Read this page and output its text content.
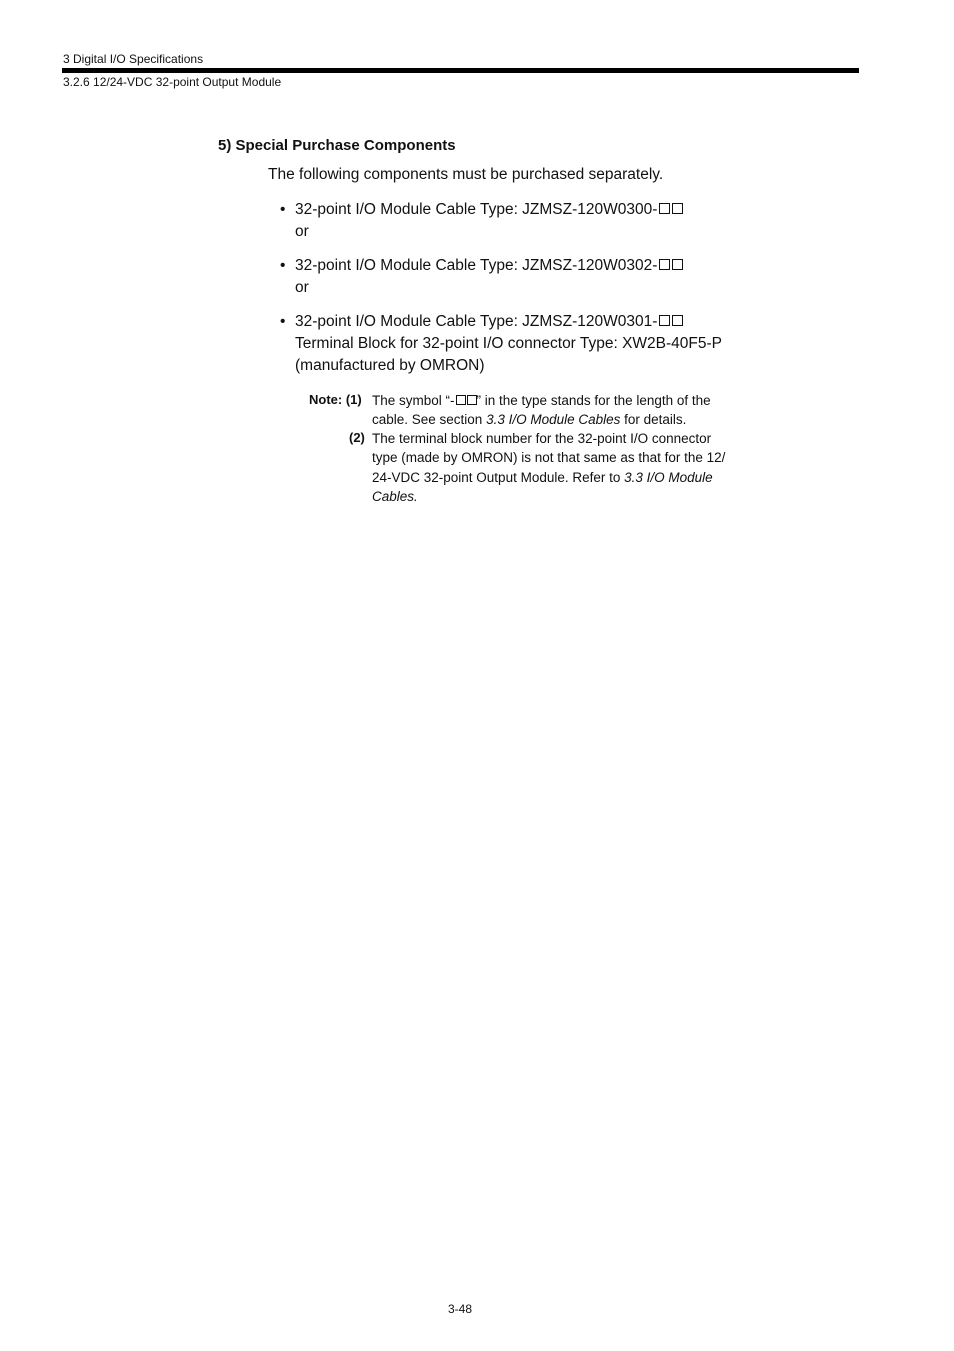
3 Digital I/O Specifications
3.2.6 12/24-VDC 32-point Output Module
5) Special Purchase Components
The following components must be purchased separately.
• 32-point I/O Module Cable Type: JZMSZ-120W0300-
or
• 32-point I/O Module Cable Type: JZMSZ-120W0302-
or
• 32-point I/O Module Cable Type: JZMSZ-120W0301-
Terminal Block for 32-point I/O connector Type: XW2B-40F5-P
(manufactured by OMRON)
Note: (1) The symbol “- ” in the type stands for the length of the
cable. See section 3.3 I/O Module Cables for details.
(2) The terminal block number for the 32-point I/O connector
type (made by OMRON) is not that same as that for the 12/
24-VDC 32-point Output Module. Refer to 3.3 I/O Module
Cables.
3-48
